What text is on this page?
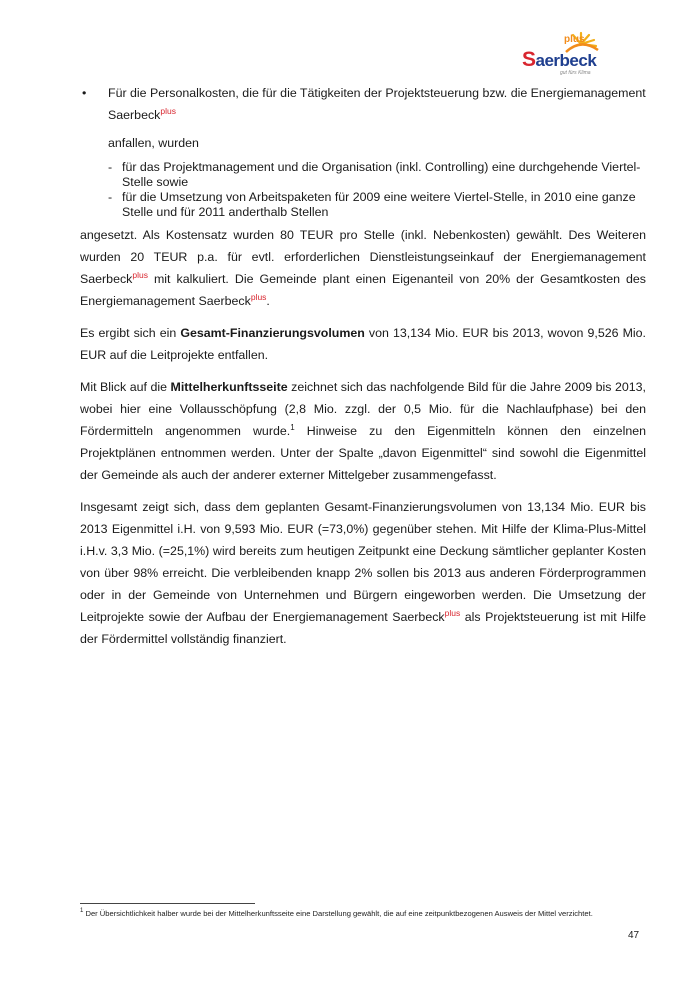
plus
Saerbeck
gut fürs Klima
• Für die Personalkosten, die für die Tätigkeiten der Projektsteuerung bzw. die Energiemanagement Saerbeck$^{plus}$
anfallen, wurden
- für das Projektmanagement und die Organisation (inkl. Controlling) eine durchgehende Viertel-Stelle sowie
- für die Umsetzung von Arbeitspaketen für 2009 eine weitere Viertel-Stelle, in 2010 eine ganze Stelle und für 2011 anderthalb Stellen

angesetzt. Als Kostensatz wurden 80 TEUR pro Stelle (inkl. Nebenkosten) gewählt. Des Weiteren wurden 20 TEUR p.a. für evtl. erforderlichen Dienstleistungseinkauf der Energiemanagement Saerbeck$^{plus}$ mit kalkuliert. Die Gemeinde plant einen Eigenanteil von 20% der Gesamtkosten des Energiemanagement Saerbeck$^{plus}$.

Es ergibt sich ein Gesamt-Finanzierungsvolumen von 13,134 Mio. EUR bis 2013, wovon 9,526 Mio. EUR auf die Leitprojekte entfallen.

Mit Blick auf die Mittelherkunftsseite zeichnet sich das nachfolgende Bild für die Jahre 2009 bis 2013, wobei hier eine Vollausschöpfung (2,8 Mio. zzgl. der 0,5 Mio. für die Nachlaufphase) bei den Fördermitteln angenommen wurde.$^1$ Hinweise zu den Eigenmitteln können den einzelnen Projektplänen entnommen werden. Unter der Spalte „davon Eigenmittel“ sind sowohl die Eigenmittel der Gemeinde als auch der anderer externer Mittelgeber zusammengefasst.

Insgesamt zeigt sich, dass dem geplanten Gesamt-Finanzierungsvolumen von 13,134 Mio. EUR bis 2013 Eigenmittel i.H. von 9,593 Mio. EUR (=73,0%) gegenüber stehen. Mit Hilfe der Klima-Plus-Mittel i.H.v. 3,3 Mio. (=25,1%) wird bereits zum heutigen Zeitpunkt eine Deckung sämtlicher geplanter Kosten von über 98% erreicht. Die verbleibenden knapp 2% sollen bis 2013 aus anderen Förderprogrammen oder in der Gemeinde von Unternehmen und Bürgern eingeworben werden. Die Umsetzung der Leitprojekte sowie der Aufbau der Energiemanagement Saerbeck$^{plus}$ als Projektsteuerung ist mit Hilfe der Fördermittel vollständig finanziert.

$^1$ Der Übersichtlichkeit halber wurde bei der Mittelherkunftsseite eine Darstellung gewählt, die auf eine zeitpunktbezogenen Ausweis der Mittel verzichtet.
47
